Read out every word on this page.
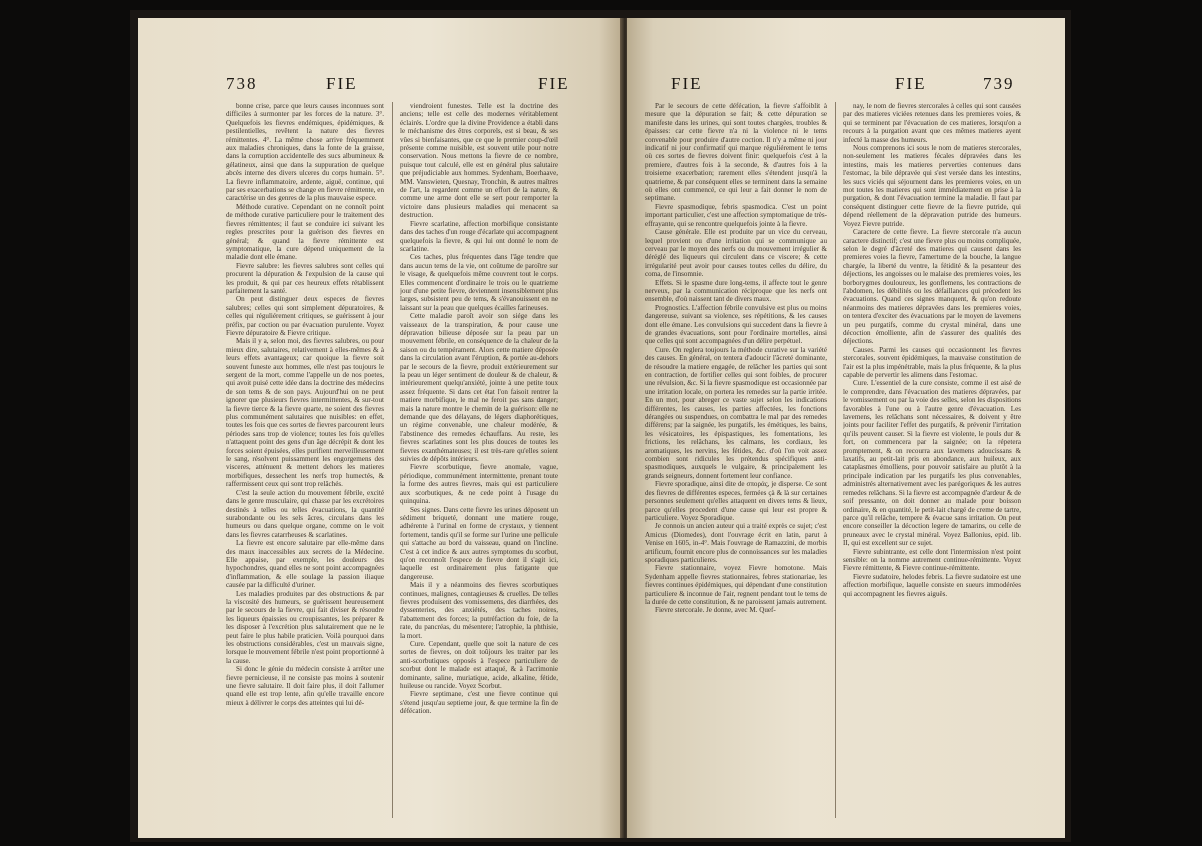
738	FIE	FIE

bonne crise, parce que leurs causes inconnues sont difficiles à surmonter par les forces de la nature. 3°. Quelquefois les fievres endémiques, épidémiques, & pestilentielles, revêtent la nature des fievres rémittentes. 4°. La même chose arrive fréquemment aux maladies chroniques, dans la fonte de la graisse, dans la corruption accidentelle des sucs albumineux & gélatineux, ainsi que dans la suppuration de quelque abcès interne des divers ulceres du corps humain. 5°. La fievre inflammatoire, ardente, aiguë, continue, qui par ses exacerbations se change en fievre rémittente, en caractérise un des genres de la plus mauvaise espece.

Méthode curative. Cependant on ne connoît point de méthode curative particuliere pour le traitement des fievres rémittentes; il faut se conduire ici suivant les regles prescrites pour la guérison des fievres en général; & quand la fievre rémittente est symptomatique, la cure dépend uniquement de la maladie dont elle émane.

Fievre salubre: les fievres salubres sont celles qui procurent la dépuration & l'expulsion de la cause qui les produit, & qui par ces heureux effets rétablissent parfaitement la santé.

On peut distinguer deux especes de fievres salubres; celles qui sont simplement dépuratoires, & celles qui réguliérement critiques, se guérissent à jour préfix, par coction ou par évacuation purulente. Voyez Fievre dépuratoire & Fievre critique.

Mais il y a, selon moi, des fievres salubres, ou pour mieux dire, salutaires, relativement à elles-mêmes & à leurs effets avantageux; car quoique la fievre soit souvent funeste aux hommes, elle n'est pas toujours le sergent de la mort, comme l'appelle un de nos poetes, qui avoit puisé cette idée dans la doctrine des médecins de son tems & de son pays. Aujourd'hui on ne peut ignorer que plusieurs fievres intermittentes, & sur-tout la fievre tierce & la fievre quarte, ne soient des fievres plus communément salutaires que nuisibles: en effet, toutes les fois que ces sortes de fievres parcourent leurs périodes sans trop de violence; toutes les fois qu'elles n'attaquent point des gens d'un âge décrépit & dont les forces soient épuisées, elles purifient merveilleusement le sang, résolvent puissamment les engorgemens des visceres, atténuent & mettent dehors les matieres morbifiques, dessechent les nerfs trop humectés, & raffermissent ceux qui sont trop relâchés.

C'est la seule action du mouvement fébrile, excité dans le genre musculaire, qui chasse par les excrétoires destinés à telles ou telles évacuations, la quantité surabondante ou les sels âcres, circulans dans les humeurs ou dans quelque organe, comme on le voit dans les fievres catarrheuses & scarlatines.

La fievre est encore salutaire par elle-même dans des maux inaccessibles aux secrets de la Médecine. Elle appaise, par exemple, les douleurs des hypochondres, quand elles ne sont point accompagnées d'inflammation, & elle soulage la passion iliaque causée par la difficulté d'uriner.

Les maladies produites par des obstructions & par la viscosité des humeurs, se guérissent heureusement par le secours de la fievre, qui fait diviser & résoudre les liqueurs épaissies ou croupissantes, les préparer & les disposer à l'excrétion plus salutairement que ne le peut faire le plus habile praticien. Voilà pourquoi dans les obstructions considérables, c'est un mauvais signe, lorsque le mouvement fébrile n'est point proportionné à la cause.

Si donc le génie du médecin consiste à arrêter une fievre pernicieuse, il ne consiste pas moins à soutenir une fievre salutaire. Il doit faire plus, il doit l'allumer quand elle est trop lente, afin qu'elle travaille encore mieux à délivrer le corps des atteintes qui lui dé-

viendroient funestes. Telle est la doctrine des anciens; telle est celle des modernes véritablement éclairés. L'ordre que la divine Providence a établi dans le méchanisme des êtres corporels, est si beau, & ses vûes si bienfaisantes, que ce que le premier coup-d'œil présente comme nuisible, est souvent utile pour notre conservation. Nous mettons la fievre de ce nombre, puisque tout calculé, elle est en général plus salutaire que préjudiciable aux hommes. Sydenham, Boerhaave, MM. Vanswieten, Quesnay, Tronchin, & autres maîtres de l'art, la regardent comme un effort de la nature, & comme une arme dont elle se sert pour remporter la victoire dans plusieurs maladies qui menacent sa destruction.

Fievre scarlatine, affection morbifique consistante dans des taches d'un rouge d'écarlate qui accompagnent quelquefois la fievre, & qui lui ont donné le nom de scarlatine.

Ces taches, plus fréquentes dans l'âge tendre que dans aucun tems de la vie, ont coûtume de paroître sur le visage, & quelquefois même couvrent tout le corps. Elles commencent d'ordinaire le trois ou le quatrieme jour d'une petite fievre, deviennent insensiblement plus larges, subsistent peu de tems, & s'évanouissent en ne laissant sur la peau que quelques écailles farineuses.

Cette maladie paroît avoir son siége dans les vaisseaux de la transpiration, & pour cause une dépravation bilieuse déposée sur la peau par un mouvement fébrile, en conséquence de la chaleur de la saison ou du tempérament. Alors cette matiere déposée dans la circulation avant l'éruption, & portée au-dehors par le secours de la fievre, produit extérieurement sur la peau un léger sentiment de douleur & de chaleur, & intérieurement quelqu'anxiété, jointe à une petite toux assez fréquente. Si dans cet état l'on faisoit rentrer la matiere morbifique, le mal ne feroit pas sans danger; mais la nature montre le chemin de la guérison: elle ne demande que des délayans, de légers diaphorétiques, un régime convenable, une chaleur modérée, & l'abstinence des remedes échauffans. Au reste, les fievres scarlatines sont les plus douces de toutes les fievres exanthémateuses; il est très-rare qu'elles soient suivies de dépôts intérieurs.

Fievre scorbutique, fievre anomale, vague, périodique, communément intermittente, prenant toute la forme des autres fievres, mais qui est particuliere aux scorbutiques, & ne cede point à l'usage du quinquina.

Ses signes. Dans cette fievre les urines déposent un sédiment briqueté, donnant une matiere rouge, adhérente à l'urinal en forme de crystaux, y tiennent fortement, tandis qu'il se forme sur l'urine une pellicule qui s'attache au bord du vaisseau, quand on l'incline. C'est à cet indice & aux autres symptomes du scorbut, qu'on reconnoît l'espece de fievre dont il s'agit ici, laquelle est ordinairement plus fatigante que dangereuse.

Mais il y a néanmoins des fievres scorbutiques continues, malignes, contagieuses & cruelles. De telles fievres produisent des vomissemens, des diarrhées, des dyssenteries, des anxiétés, des taches noires, l'abattement des forces; la putréfaction du foie, de la rate, du pancréas, du mésentere; l'atrophie, la phthisie, la mort.

Cure. Cependant, quelle que soit la nature de ces sortes de fievres, on doit toûjours les traiter par les anti-scorbutiques opposés à l'espece particuliere de scorbut dont le malade est attaqué, & à l'acrimonie dominante, saline, muriatique, acide, alkaline, fétide, huileuse ou rancide. Voyez Scorbut.

Fievre septimane, c'est une fievre continue qui s'étend jusqu'au septieme jour, & que termine la fin de défécation.

FIE	FIE	739

Par le secours de cette défécation, la fievre s'affoiblit à mesure que la dépuration se fait; & cette dépuration se manifeste dans les urines, qui sont toutes chargées, troubles & épaisses: car cette fievre n'a ni la violence ni le tems convenable pour produire d'autre coction. Il n'y a même ni jour indicatif ni jour confirmatif qui marque réguliérement le tems où ces sortes de fievres doivent finir: quelquefois c'est à la premiere, d'autres fois à la seconde, & d'autres fois à la troisieme exacerbation; rarement elles s'étendent jusqu'à la quatrieme, & par conséquent elles se terminent dans la semaine où elles ont commencé, ce qui leur a fait donner le nom de septimane.

Fievre spasmodique, febris spasmodica. C'est un point important particulier, c'est une affection symptomatique de très-effrayante, qui se rencontre quelquefois jointe à la fievre.

Cause générale. Elle est produite par un vice du cerveau, lequel provient ou d'une irritation qui se communique au cerveau par le moyen des nerfs ou du mouvement irrégulier & déréglé des liqueurs qui circulent dans ce viscere; & cette irrégularité peut avoir pour causes toutes celles du délire, du coma, de l'insomnie.

Effets. Si le spasme dure long-tems, il affecte tout le genre nerveux, par la communication réciproque que les nerfs ont ensemble, d'où naissent tant de divers maux.

Prognostics. L'affection fébrile convulsive est plus ou moins dangereuse, suivant sa violence, ses répétitions, & les causes dont elle émane. Les convulsions qui succedent dans la fievre à de grandes évacuations, sont pour l'ordinaire mortelles, ainsi que celles qui sont accompagnées d'un délire perpétuel.

Cure. On reglera toujours la méthode curative sur la variété des causes. En général, on tentera d'adoucir l'âcreté dominante, de résoudre la matiere engagée, de relâcher les parties qui sont en contraction, de fortifier celles qui sont foibles, de procurer une révulsion, &c. Si la fievre spasmodique est occasionnée par une irritation locale, on portera les remedes sur la partie irritée. En un mot, pour abreger ce vaste sujet selon les indications différentes, les causes, les parties affectées, les fonctions dérangées ou suspendues, on combattra le mal par des remedes différens; par la saignée, les purgatifs, les émétiques, les bains, les vésicatoires, les épispastiques, les fomentations, les frictions, les relâchans, les calmans, les cordiaux, les aromatiques, les nervins, les fétides, &c. d'où l'on voit assez combien sont ridicules les prétendus spécifiques anti-spasmodiques, auxquels le vulgaire, & principalement les grands seigneurs, donnent fortement leur confiance.

Fievre sporadique, ainsi dite de σποράς, je disperse. Ce sont des fievres de différentes especes, fermées çà & là sur certaines personnes seulement qu'elles attaquent en divers tems & lieux, parce qu'elles procedent d'une cause qui leur est propre & particuliere. Voyez Sporadique.

Je connois un ancien auteur qui a traité exprès ce sujet; c'est Amicus (Diomedes), dont l'ouvrage écrit en latin, parut à Venise en 1605, in-4°. Mais l'ouvrage de Ramazzini, de morbis artificum, fournit encore plus de connoissances sur les maladies sporadiques particulieres.

Fievre stationnaire, voyez Fievre homotone. Mais Sydenham appelle fievres stationnaires, febres stationariae, les fievres continues épidémiques, qui dépendant d'une constitution particuliere & inconnue de l'air, regnent pendant tout le tems de la durée de cette constitution, & ne paroissent jamais autrement.

Fievre stercorale. Je donne, avec M. Quef-

nay, le nom de fievres stercorales à celles qui sont causées par des matieres viciées retenues dans les premieres voies, & qui se terminent par l'évacuation de ces matieres, lorsqu'on a recours à la purgation avant que ces mêmes matieres ayent infecté la masse des humeurs.

Nous comprenons ici sous le nom de matieres stercorales, non-seulement les matieres fécales dépravées dans les intestins, mais les matieres perverties contenues dans l'estomac, la bile dépravée qui s'est versée dans les intestins, les sucs viciés qui séjournent dans les premieres voies, en un mot toutes les matieres qui sont immédiatement en prise à la purgation, & dont l'évacuation termine la maladie. Il faut par conséquent distinguer cette fievre de la fievre putride, qui dépend réellement de la dépravation putride des humeurs. Voyez Fievre putride.

Caractere de cette fievre. La fievre stercorale n'a aucun caractere distinctif; c'est une fievre plus ou moins compliquée, selon le degré d'âcreté des matieres qui causent dans les premieres voies la fievre, l'amertume de la bouche, la langue chargée, la liberté du ventre, la fétidité & la pesanteur des déjections, les angoisses ou le malaise des premieres voies, les borborygmes douloureux, les gonflemens, les contractions de l'abdomen, les débilités ou les défaillances qui précedent les évacuations. Quand ces signes manquent, & qu'on redoute néanmoins des matieres dépravées dans les premieres voies, on tentera d'exciter des évacuations par le moyen de lavemens un peu purgatifs, comme du crystal minéral, dans une décoction émolliente, afin de s'assurer des qualités des déjections.

Causes. Parmi les causes qui occasionnent les fievres stercorales, souvent épidémiques, la mauvaise constitution de l'air est la plus impénétrable, mais la plus fréquente, & la plus capable de pervertir les alimens dans l'estomac.

Cure. L'essentiel de la cure consiste, comme il est aisé de le comprendre, dans l'évacuation des matieres dépravées, par le vomissement ou par la voie des selles, selon les dispositions favorables à l'une ou à l'autre genre d'évacuation. Les lavemens, les relâchans sont nécessaires, & doivent y être joints pour faciliter l'effet des purgatifs, & prévenir l'irritation qu'ils peuvent causer. Si la fievre est violente, le pouls dur & fort, on commencera par la saignée; on la répetera promptement, & on recourra aux lavemens adoucissans & laxatifs, au petit-lait pris en abondance, aux huileux, aux cataplasmes émolliens, pour pouvoir satisfaire au plutôt à la principale indication par les purgatifs les plus convenables, administrés alternativement avec les parégoriques & les autres remedes relâchans. Si la fievre est accompagnée d'ardeur & de soif pressante, on doit donner au malade pour boisson ordinaire, & en quantité, le petit-lait chargé de creme de tartre, parce qu'il relâche, tempere & évacue sans irritation. On peut encore conseiller la décoction legere de tamarins, ou celle de pruneaux avec le crystal minéral. Voyez Ballonius, epid. lib. II, qui est excellent sur ce sujet.

Fievre subintrante, est celle dont l'intermission n'est point sensible: on la nomme autrement continue-rémittente. Voyez Fievre rémittente, & Fievre continue-rémittente.

Fievre sudatoire, helodes febris. La fievre sudatoire est une affection morbifique, laquelle consiste en sueurs immodérées qui accompagnent les fievres aiguës.
